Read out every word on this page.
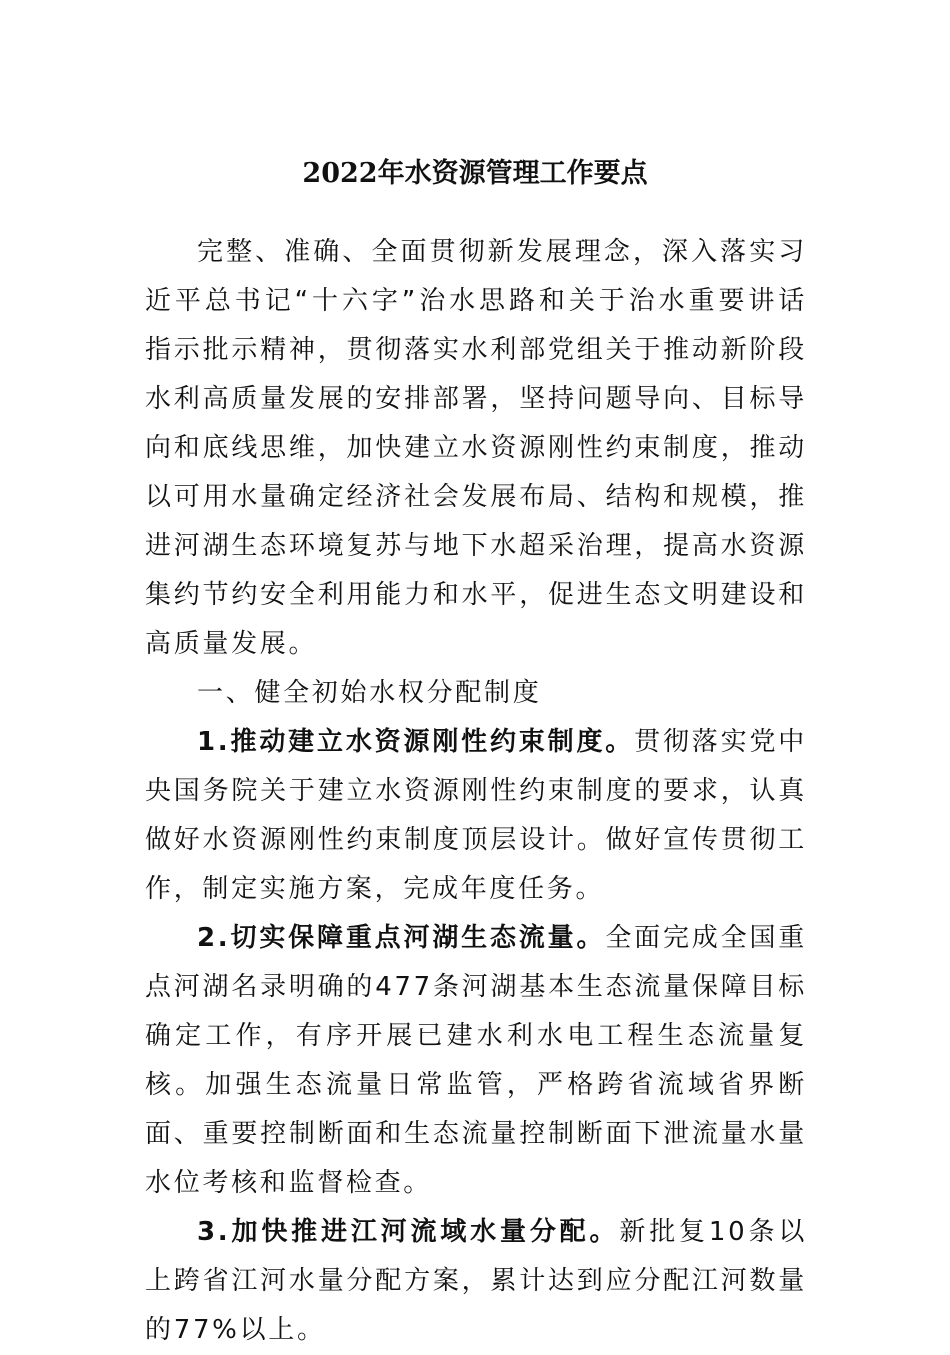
2022年水资源管理工作要点

完整、准确、全面贯彻新发展理念，深入落实习近平总书记“十六字”治水思路和关于治水重要讲话指示批示精神，贯彻落实水利部党组关于推动新阶段水利高质量发展的安排部署，坚持问题导向、目标导向和底线思维，加快建立水资源刚性约束制度，推动以可用水量确定经济社会发展布局、结构和规模，推进河湖生态环境复苏与地下水超采治理，提高水资源集约节约安全利用能力和水平，促进生态文明建设和高质量发展。

一、健全初始水权分配制度

1.推动建立水资源刚性约束制度。贯彻落实党中央国务院关于建立水资源刚性约束制度的要求，认真做好水资源刚性约束制度顶层设计。做好宣传贯彻工作，制定实施方案，完成年度任务。

2.切实保障重点河湖生态流量。全面完成全国重点河湖名录明确的477条河湖基本生态流量保障目标确定工作，有序开展已建水利水电工程生态流量复核。加强生态流量日常监管，严格跨省流域省界断面、重要控制断面和生态流量控制断面下泄流量水量水位考核和监督检查。

3.加快推进江河流域水量分配。新批复10条以上跨省江河水量分配方案，累计达到应分配江河数量的77%以上。
